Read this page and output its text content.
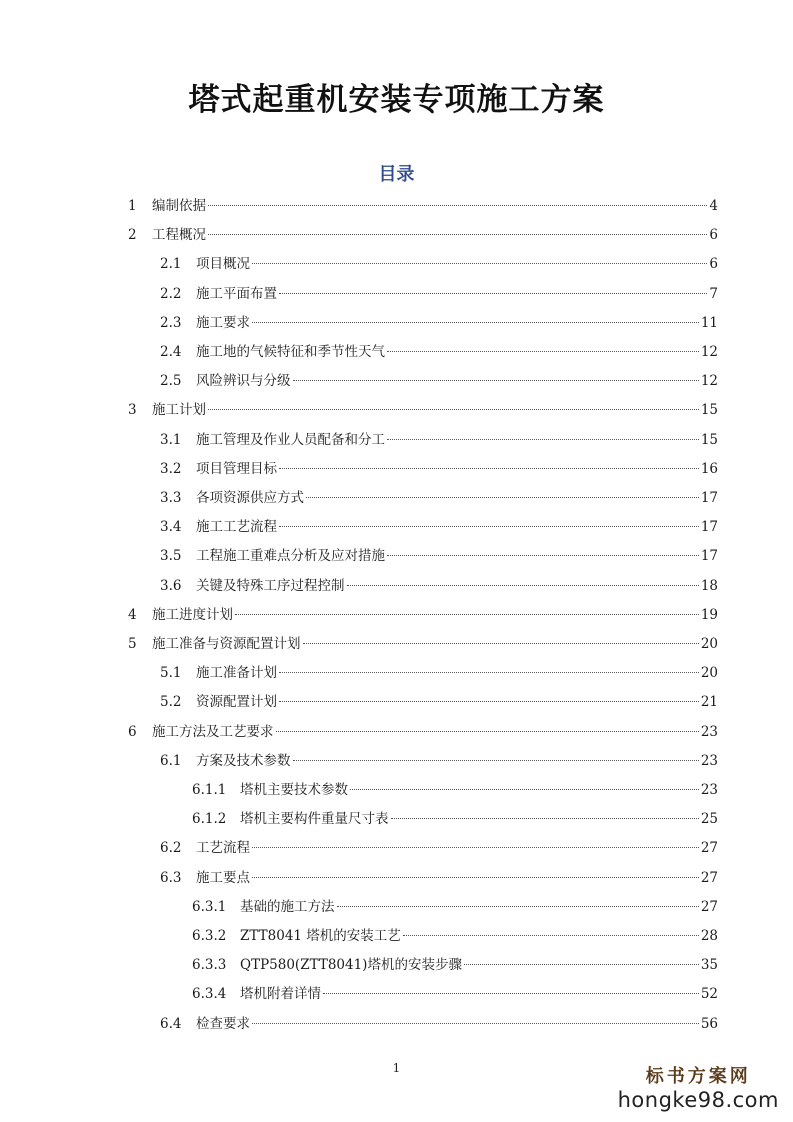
塔式起重机安装专项施工方案
目录
1	编制依据	4
2	工程概况	6
2.1	项目概况	6
2.2	施工平面布置	7
2.3	施工要求	11
2.4	施工地的气候特征和季节性天气	12
2.5	风险辨识与分级	12
3	施工计划	15
3.1	施工管理及作业人员配备和分工	15
3.2	项目管理目标	16
3.3	各项资源供应方式	17
3.4	施工工艺流程	17
3.5	工程施工重难点分析及应对措施	17
3.6	关键及特殊工序过程控制	18
4	施工进度计划	19
5	施工准备与资源配置计划	20
5.1	施工准备计划	20
5.2	资源配置计划	21
6	施工方法及工艺要求	23
6.1	方案及技术参数	23
6.1.1	塔机主要技术参数	23
6.1.2	塔机主要构件重量尺寸表	25
6.2	工艺流程	27
6.3	施工要点	27
6.3.1	基础的施工方法	27
6.3.2	ZTT8041 塔机的安装工艺	28
6.3.3	QTP580(ZTT8041)塔机的安装步骤	35
6.3.4	塔机附着详情	52
6.4	检查要求	56
1	标书方案网
hongke98.com
